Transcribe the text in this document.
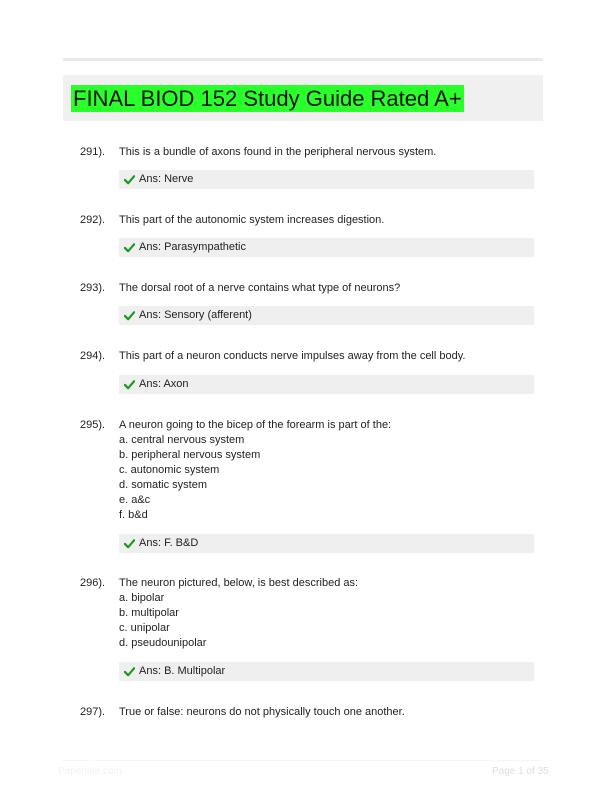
FINAL BIOD 152 Study Guide Rated A+
291). This is a bundle of axons found in the peripheral nervous system.
Ans: Nerve
292). This part of the autonomic system increases digestion.
Ans: Parasympathetic
293). The dorsal root of a nerve contains what type of neurons?
Ans: Sensory (afferent)
294). This part of a neuron conducts nerve impulses away from the cell body.
Ans: Axon
295). A neuron going to the bicep of the forearm is part of the:
a. central nervous system
b. peripheral nervous system
c. autonomic system
d. somatic system
e. a&c
f. b&d
Ans: F. B&D
296). The neuron pictured, below, is best described as:
a. bipolar
b. multipolar
c. unipolar
d. pseudounipolar
Ans: B. Multipolar
297). True or false: neurons do not physically touch one another.
Paperitite.com	Page 1 of 35
